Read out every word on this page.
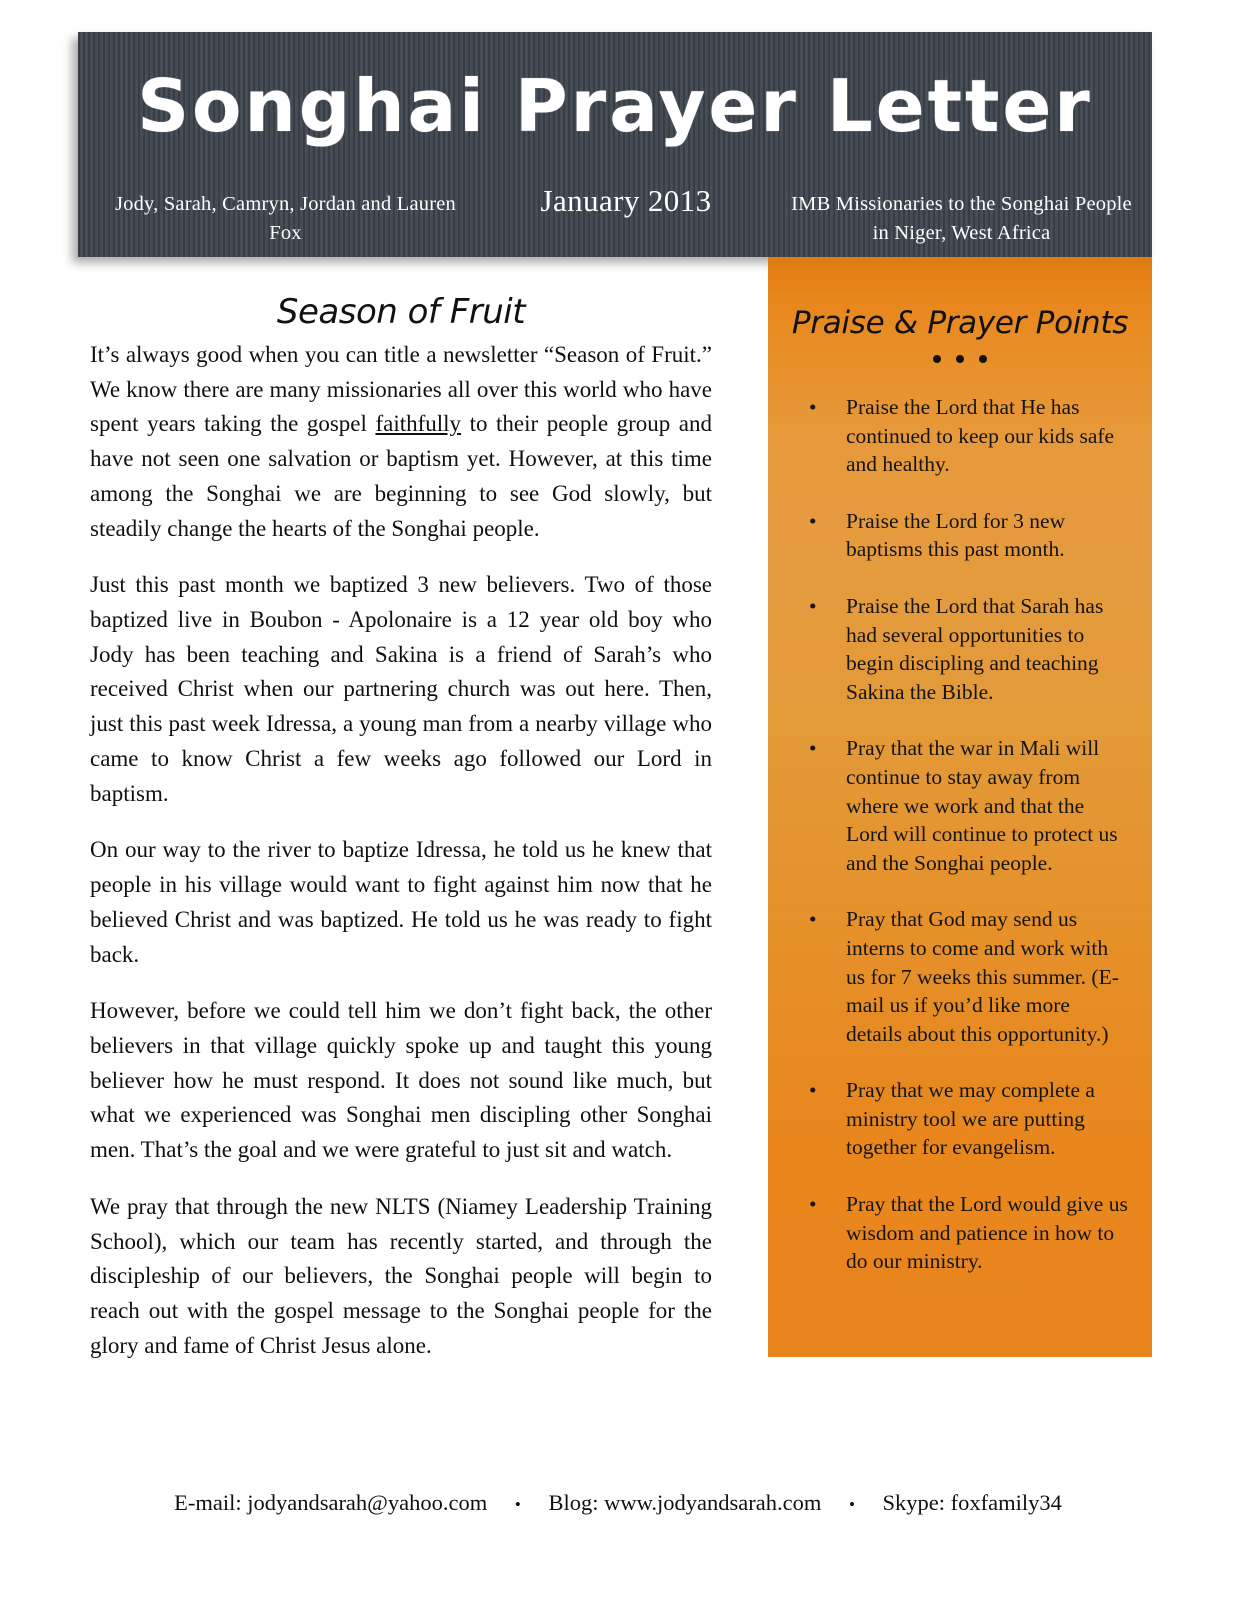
Songhai Prayer Letter
Jody, Sarah, Camryn, Jordan and Lauren Fox
January 2013	IMB Missionaries to the Songhai People in Niger, West Africa
Praise & Prayer Points
• Praise the Lord that He has continued to keep our kids safe and healthy.
• Praise the Lord for 3 new baptisms this past month.
• Praise the Lord that Sarah has had several opportunities to begin discipling and teaching Sakina the Bible.
• Pray that the war in Mali will continue to stay away from where we work and that the Lord will continue to protect us and the Songhai people.
• Pray that God may send us interns to come and work with us for 7 weeks this summer. (E-mail us if you’d like more details about this opportunity.)
• Pray that we may complete a ministry tool we are putting together for evangelism.
• Pray that the Lord would give us wisdom and patience in how to do our ministry.
Season of Fruit

It’s always good when you can title a newsletter “Season of Fruit.” We know there are many missionaries all over this world who have spent years taking the gospel faithfully to their people group and have not seen one salvation or baptism yet. However, at this time among the Songhai we are beginning to see God slowly, but steadily change the hearts of the Songhai people.

Just this past month we baptized 3 new believers. Two of those baptized live in Boubon - Apolonaire is a 12 year old boy who Jody has been teaching and Sakina is a friend of Sarah’s who received Christ when our partnering church was out here. Then, just this past week Idressa, a young man from a nearby village who came to know Christ a few weeks ago followed our Lord in baptism.

On our way to the river to baptize Idressa, he told us he knew that people in his village would want to fight against him now that he believed Christ and was baptized. He told us he was ready to fight back.

However, before we could tell him we don’t fight back, the other believers in that village quickly spoke up and taught this young believer how he must respond. It does not sound like much, but what we experienced was Songhai men discipling other Songhai men. That’s the goal and we were grateful to just sit and watch.

We pray that through the new NLTS (Niamey Leadership Training School), which our team has recently started, and through the discipleship of our believers, the Songhai people will begin to reach out with the gospel message to the Songhai people for the glory and fame of Christ Jesus alone.

E-mail: jodyandsarah@yahoo.com • Blog: www.jodyandsarah.com • Skype: foxfamily34
